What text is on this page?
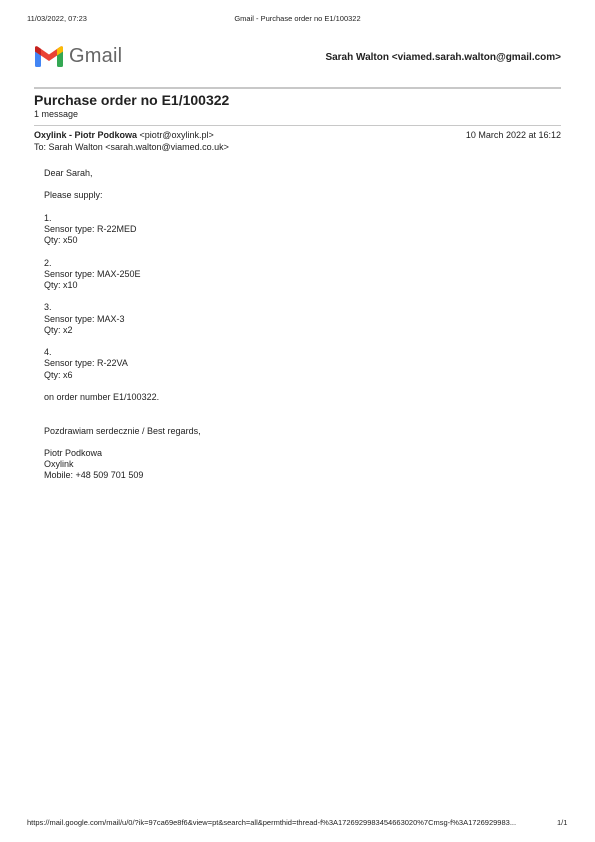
11/03/2022, 07:23	Gmail - Purchase order no E1/100322
Gmail	Sarah Walton <viamed.sarah.walton@gmail.com>
Purchase order no E1/100322
1 message
Oxylink - Piotr Podkowa <piotr@oxylink.pl>	10 March 2022 at 16:12
To: Sarah Walton <sarah.walton@viamed.co.uk>

Dear Sarah,

Please supply:

1.
Sensor type: R-22MED
Qty: x50

2.
Sensor type: MAX-250E
Qty: x10

3.
Sensor type: MAX-3
Qty: x2

4.
Sensor type: R-22VA
Qty: x6

on order number E1/100322.

Pozdrawiam serdecznie / Best regards,

Piotr Podkowa
Oxylink
Mobile: +48 509 701 509

https://mail.google.com/mail/u/0/?ik=97ca69e8f6&view=pt&search=all&permthid=thread-f%3A1726929983454663020%7Cmsg-f%3A1726929983...	1/1
